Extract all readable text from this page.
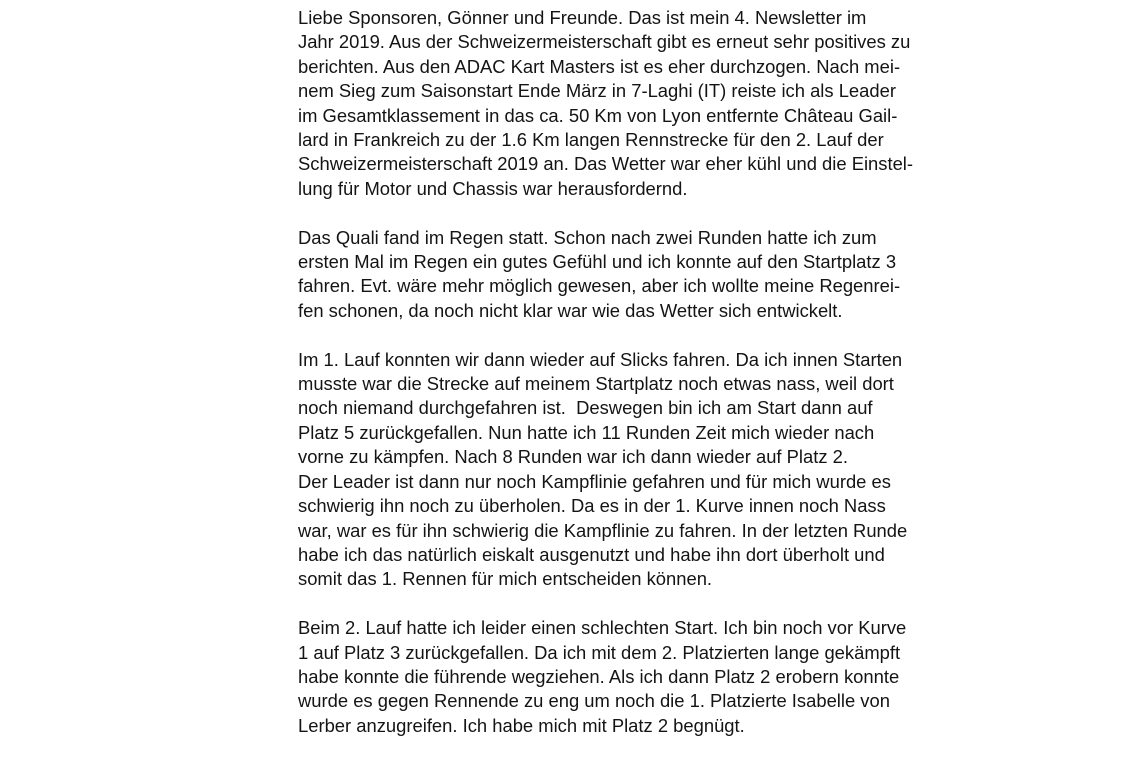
Liebe Sponsoren, Gönner und Freunde. Das ist mein 4. Newsletter im
Jahr 2019. Aus der Schweizermeisterschaft gibt es erneut sehr positives zu
berichten. Aus den ADAC Kart Masters ist es eher durchzogen. Nach mei-
nem Sieg zum Saisonstart Ende März in 7-Laghi (IT) reiste ich als Leader
im Gesamtklassement in das ca. 50 Km von Lyon entfernte Château Gail-
lard in Frankreich zu der 1.6 Km langen Rennstrecke für den 2. Lauf der
Schweizermeisterschaft 2019 an. Das Wetter war eher kühl und die Einstel-
lung für Motor und Chassis war herausfordernd.

Das Quali fand im Regen statt. Schon nach zwei Runden hatte ich zum
ersten Mal im Regen ein gutes Gefühl und ich konnte auf den Startplatz 3
fahren. Evt. wäre mehr möglich gewesen, aber ich wollte meine Regenrei-
fen schonen, da noch nicht klar war wie das Wetter sich entwickelt.

Im 1. Lauf konnten wir dann wieder auf Slicks fahren. Da ich innen Starten
musste war die Strecke auf meinem Startplatz noch etwas nass, weil dort
noch niemand durchgefahren ist.  Deswegen bin ich am Start dann auf
Platz 5 zurückgefallen. Nun hatte ich 11 Runden Zeit mich wieder nach
vorne zu kämpfen. Nach 8 Runden war ich dann wieder auf Platz 2.
Der Leader ist dann nur noch Kampflinie gefahren und für mich wurde es
schwierig ihn noch zu überholen. Da es in der 1. Kurve innen noch Nass
war, war es für ihn schwierig die Kampflinie zu fahren. In der letzten Runde
habe ich das natürlich eiskalt ausgenutzt und habe ihn dort überholt und
somit das 1. Rennen für mich entscheiden können.

Beim 2. Lauf hatte ich leider einen schlechten Start. Ich bin noch vor Kurve
1 auf Platz 3 zurückgefallen. Da ich mit dem 2. Platzierten lange gekämpft
habe konnte die führende wegziehen. Als ich dann Platz 2 erobern konnte
wurde es gegen Rennende zu eng um noch die 1. Platzierte Isabelle von
Lerber anzugreifen. Ich habe mich mit Platz 2 begnügt.
